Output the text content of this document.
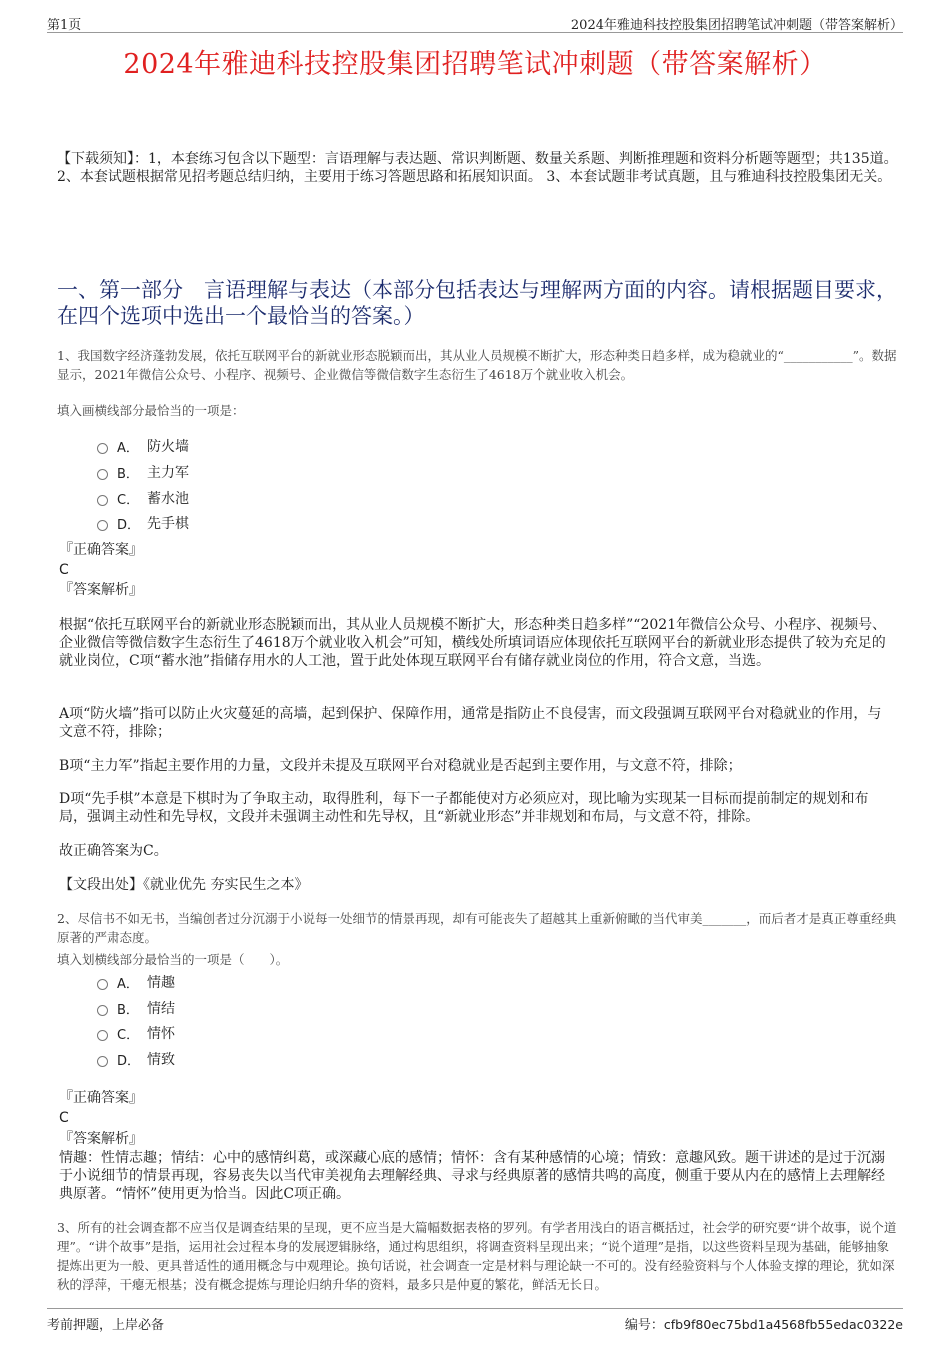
第1页	2024年雅迪科技控股集团招聘笔试冲刺题（带答案解析）
2024年雅迪科技控股集团招聘笔试冲刺题（带答案解析）
【下载须知】：1，本套练习包含以下题型：言语理解与表达题、常识判断题、数量关系题、判断推理题和资料分析题等题型；共135道。 2、本套试题根据常见招考题总结归纳，主要用于练习答题思路和拓展知识面。 3、本套试题非考试真题，且与雅迪科技控股集团无关。
一、第一部分　言语理解与表达（本部分包括表达与理解两方面的内容。请根据题目要求，在四个选项中选出一个最恰当的答案。）
1、我国数字经济蓬勃发展，依托互联网平台的新就业形态脱颖而出，其从业人员规模不断扩大，形态种类日趋多样，成为稳就业的“___________”。数据显示，2021年微信公众号、小程序、视频号、企业微信等微信数字生态衍生了4618万个就业收入机会。
填入画横线部分最恰当的一项是：
A． 防火墙
B． 主力军
C． 蓄水池
D． 先手棋
『正确答案』
C
『答案解析』
根据“依托互联网平台的新就业形态脱颖而出，其从业人员规模不断扩大，形态种类日趋多样”“2021年微信公众号、小程序、视频号、企业微信等微信数字生态衍生了4618万个就业收入机会”可知，横线处所填词语应体现依托互联网平台的新就业形态提供了较为充足的就业岗位，C项“蓄水池”指储存用水的人工池，置于此处体现互联网平台有储存就业岗位的作用，符合文意，当选。
A项“防火墙”指可以防止火灾蔓延的高墙，起到保护、保障作用，通常是指防止不良侵害，而文段强调互联网平台对稳就业的作用，与文意不符，排除；
B项“主力军”指起主要作用的力量，文段并未提及互联网平台对稳就业是否起到主要作用，与文意不符，排除；
D项“先手棋”本意是下棋时为了争取主动，取得胜利，每下一子都能使对方必须应对，现比喻为实现某一目标而提前制定的规划和布局，强调主动性和先导权，文段并未强调主动性和先导权，且“新就业形态”并非规划和布局，与文意不符，排除。
故正确答案为C。
【文段出处】《就业优先 夯实民生之本》
2、尽信书不如无书，当编创者过分沉溺于小说每一处细节的情景再现，却有可能丧失了超越其上重新俯瞰的当代审美_______，而后者才是真正尊重经典原著的严肃态度。
填入划横线部分最恰当的一项是（　　）。
A． 情趣
B． 情结
C． 情怀
D． 情致
『正确答案』
C
『答案解析』
情趣：性情志趣；情结：心中的感情纠葛，或深藏心底的感情；情怀：含有某种感情的心境；情致：意趣风致。题干讲述的是过于沉溺于小说细节的情景再现，容易丧失以当代审美视角去理解经典、寻求与经典原著的感情共鸣的高度，侧重于要从内在的感情上去理解经典原著。“情怀”使用更为恰当。因此C项正确。
3、所有的社会调查都不应当仅是调查结果的呈现，更不应当是大篇幅数据表格的罗列。有学者用浅白的语言概括过，社会学的研究要“讲个故事，说个道理”。“讲个故事”是指，运用社会过程本身的发展逻辑脉络，通过构思组织，将调查资料呈现出来；“说个道理”是指，以这些资料呈现为基础，能够抽象提炼出更为一般、更具普适性的通用概念与中观理论。换句话说，社会调查一定是材料与理论缺一不可的。没有经验资料与个人体验支撑的理论，犹如深秋的浮萍，干瘪无根基；没有概念提炼与理论归纳升华的资料，最多只是仲夏的繁花，鲜活无长日。
考前押题，上岸必备	编号：cfb9f80ec75bd1a4568fb55edac0322e
